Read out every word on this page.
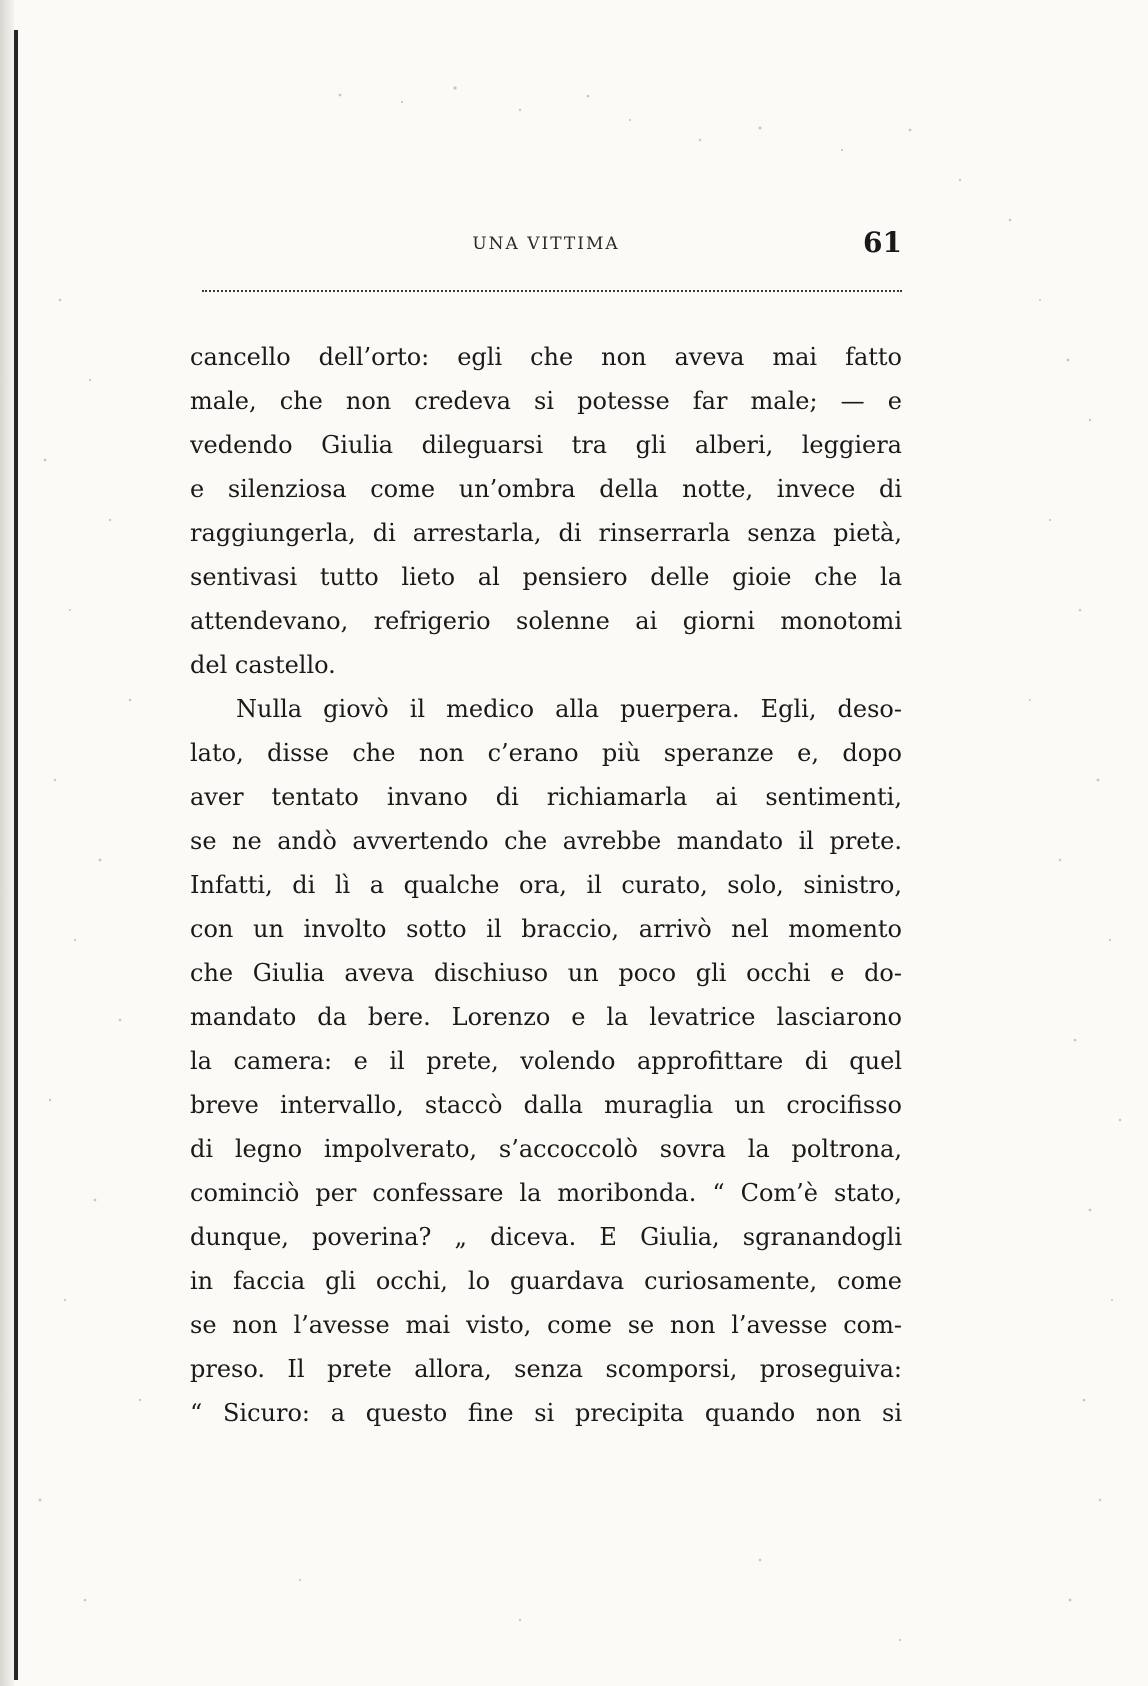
UNA VITTIMA	61
cancello dell’orto: egli che non aveva mai fatto
male, che non credeva si potesse far male; — e
vedendo Giulia dileguarsi tra gli alberi, leggiera
e silenziosa come un’ombra della notte, invece di
raggiungerla, di arrestarla, di rinserrarla senza pietà,
sentivasi tutto lieto al pensiero delle gioie che la
attendevano, refrigerio solenne ai giorni monotomi
del castello.
Nulla giovò il medico alla puerpera. Egli, deso-
lato, disse che non c’erano più speranze e, dopo
aver tentato invano di richiamarla ai sentimenti,
se ne andò avvertendo che avrebbe mandato il prete.
Infatti, di lì a qualche ora, il curato, solo, sinistro,
con un involto sotto il braccio, arrivò nel momento
che Giulia aveva dischiuso un poco gli occhi e do-
mandato da bere. Lorenzo e la levatrice lasciarono
la camera: e il prete, volendo approfittare di quel
breve intervallo, staccò dalla muraglia un crocifisso
di legno impolverato, s’accoccolò sovra la poltrona,
cominciò per confessare la moribonda. “ Com’è stato,
dunque, poverina? „ diceva. E Giulia, sgranandogli
in faccia gli occhi, lo guardava curiosamente, come
se non l’avesse mai visto, come se non l’avesse com-
preso. Il prete allora, senza scomporsi, proseguiva:
“ Sicuro: a questo fine si precipita quando non si
